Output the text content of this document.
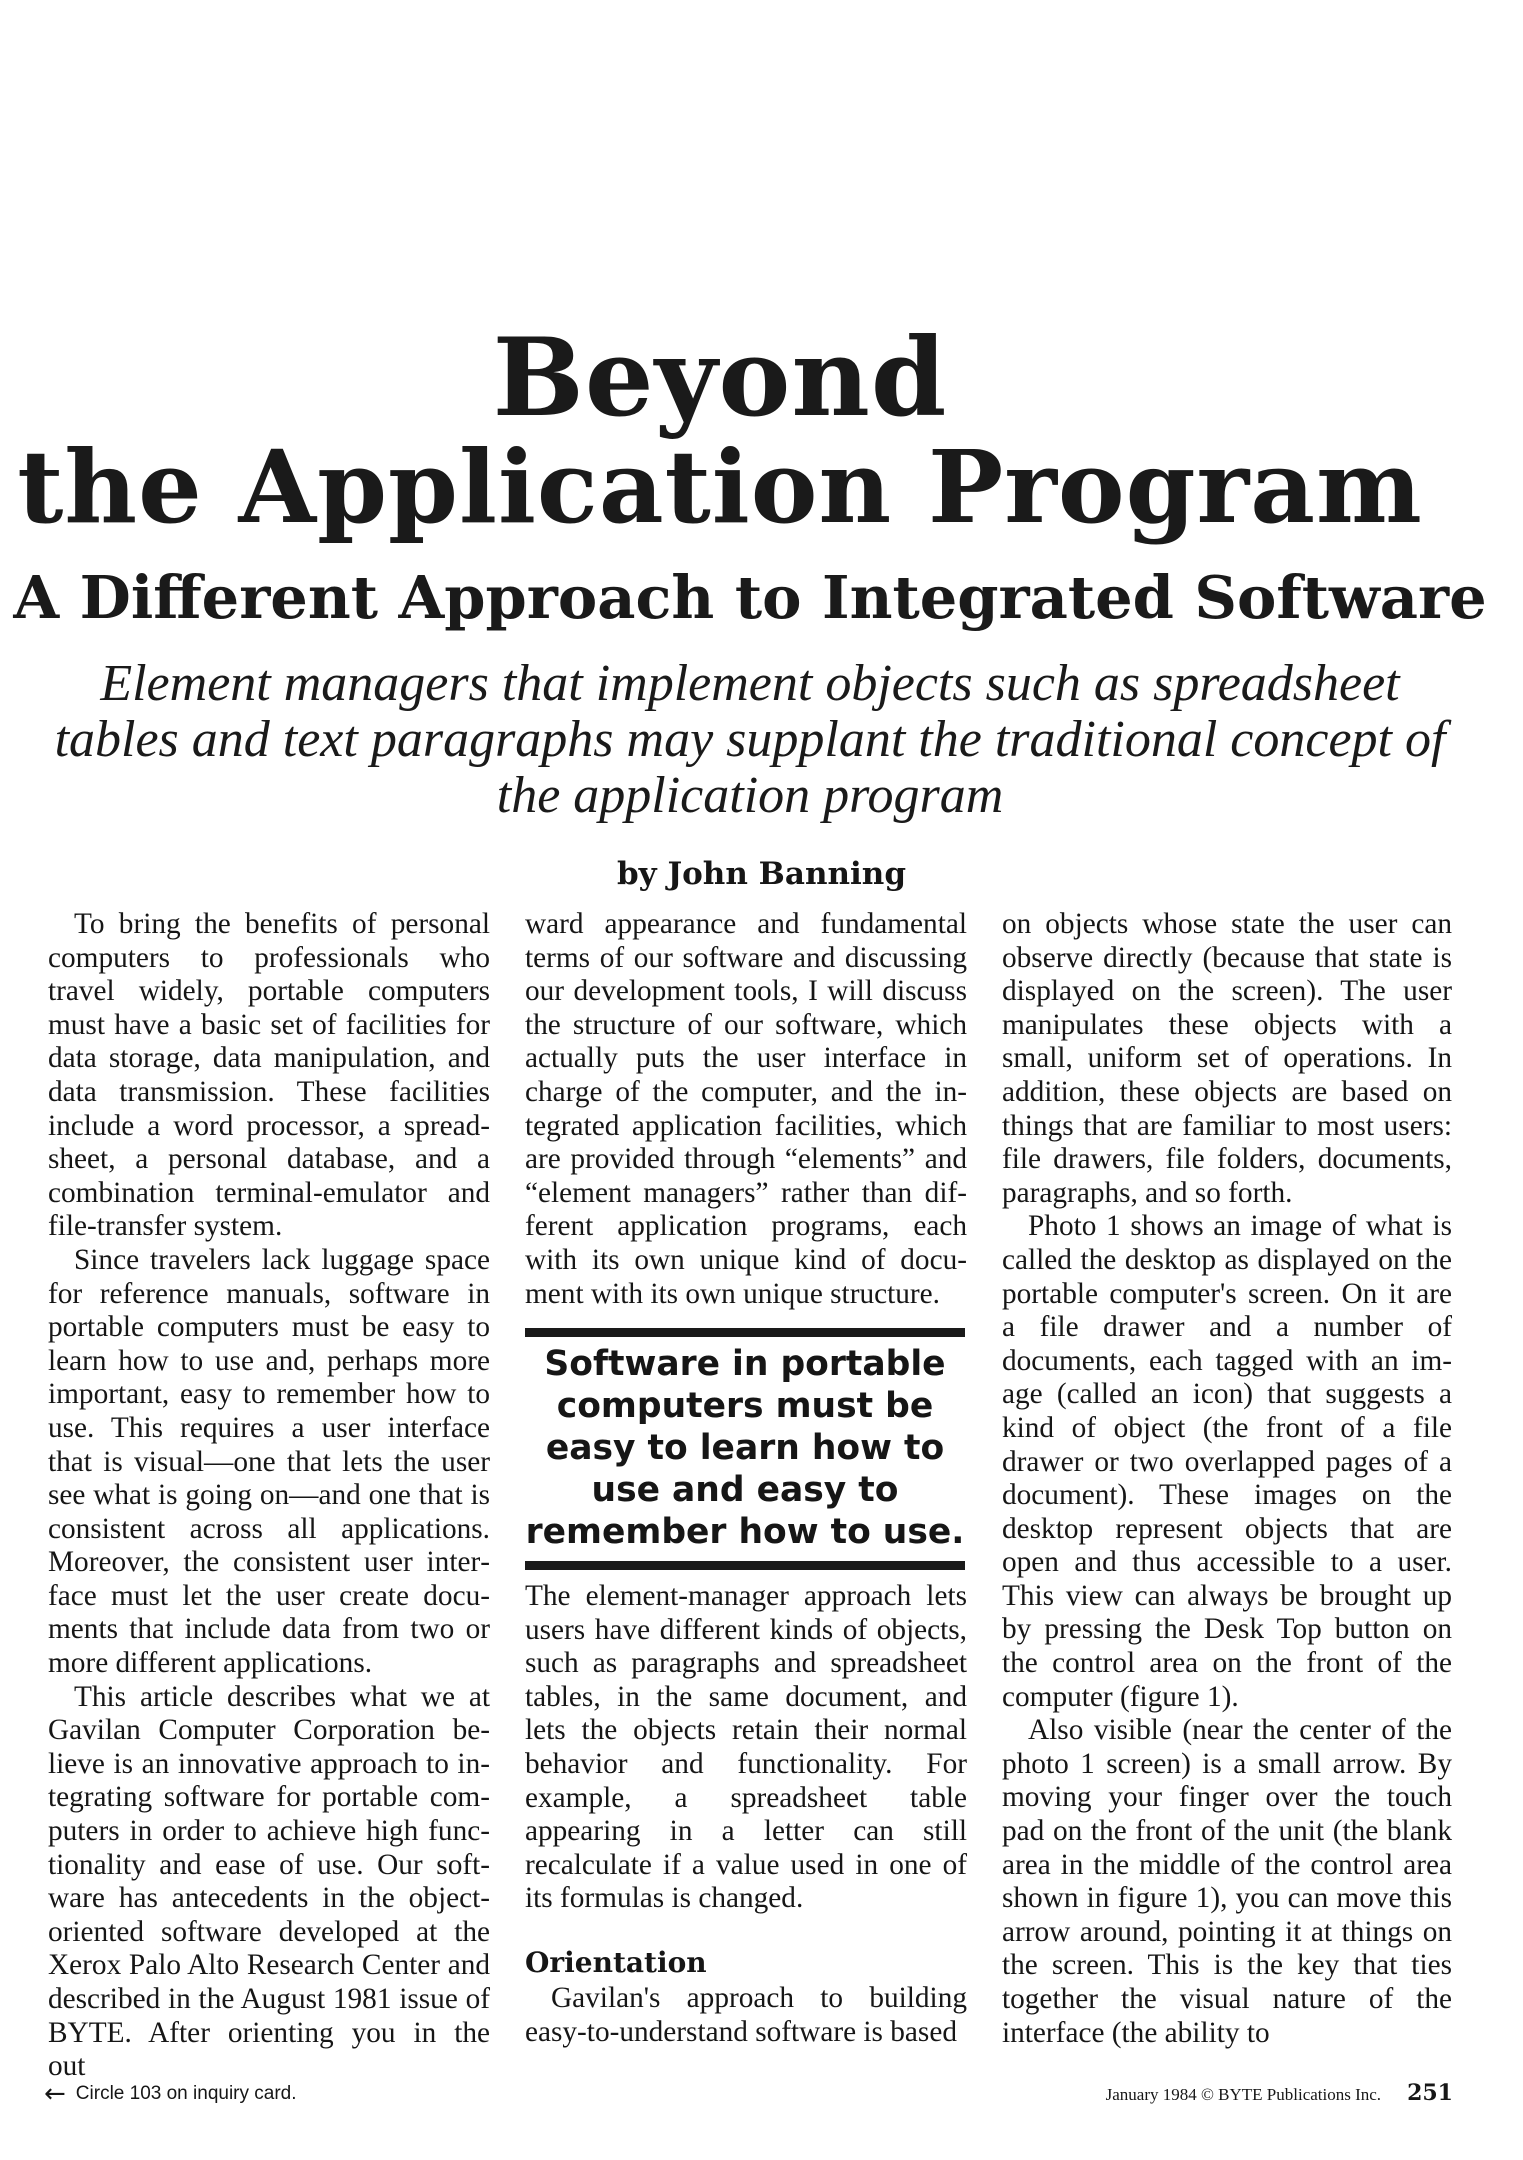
Beyond
the Application Program
A Different Approach to Integrated Software
Element managers that implement objects such as spreadsheet tables and text paragraphs may supplant the traditional concept of the application program
by John Banning

To bring the benefits of personal computers to professionals who travel widely, portable computers must have a basic set of facilities for data storage, data manipulation, and data transmission. These facilities include a word processor, a spreadsheet, a personal database, and a combination terminal-emulator and file-transfer system.

Since travelers lack luggage space for reference manuals, software in portable computers must be easy to learn how to use and, perhaps more important, easy to remember how to use. This requires a user interface that is visual—one that lets the user see what is going on—and one that is consistent across all applications. Moreover, the consistent user interface must let the user create documents that include data from two or more different applications.

This article describes what we at Gavilan Computer Corporation believe is an innovative approach to integrating software for portable computers in order to achieve high functionality and ease of use. Our software has antecedents in the object-oriented software developed at the Xerox Palo Alto Research Center and described in the August 1981 issue of BYTE. After orienting you in the out

ward appearance and fundamental terms of our software and discussing our development tools, I will discuss the structure of our software, which actually puts the user interface in charge of the computer, and the integrated application facilities, which are provided through “elements” and “element managers” rather than different application programs, each with its own unique kind of document with its own unique structure.

Software in portable computers must be easy to learn how to use and easy to remember how to use.

The element-manager approach lets users have different kinds of objects, such as paragraphs and spreadsheet tables, in the same document, and lets the objects retain their normal behavior and functionality. For example, a spreadsheet table appearing in a letter can still recalculate if a value used in one of its formulas is changed.

Orientation

Gavilan's approach to building easy-to-understand software is based

on objects whose state the user can observe directly (because that state is displayed on the screen). The user manipulates these objects with a small, uniform set of operations. In addition, these objects are based on things that are familiar to most users: file drawers, file folders, documents, paragraphs, and so forth.

Photo 1 shows an image of what is called the desktop as displayed on the portable computer's screen. On it are a file drawer and a number of documents, each tagged with an image (called an icon) that suggests a kind of object (the front of a file drawer or two overlapped pages of a document). These images on the desktop represent objects that are open and thus accessible to a user. This view can always be brought up by pressing the Desk Top button on the control area on the front of the computer (figure 1).

Also visible (near the center of the photo 1 screen) is a small arrow. By moving your finger over the touch pad on the front of the unit (the blank area in the middle of the control area shown in figure 1), you can move this arrow around, pointing it at things on the screen. This is the key that ties together the visual nature of the interface (the ability to

← Circle 103 on inquiry card.	January 1984 © BYTE Publications Inc. 251
